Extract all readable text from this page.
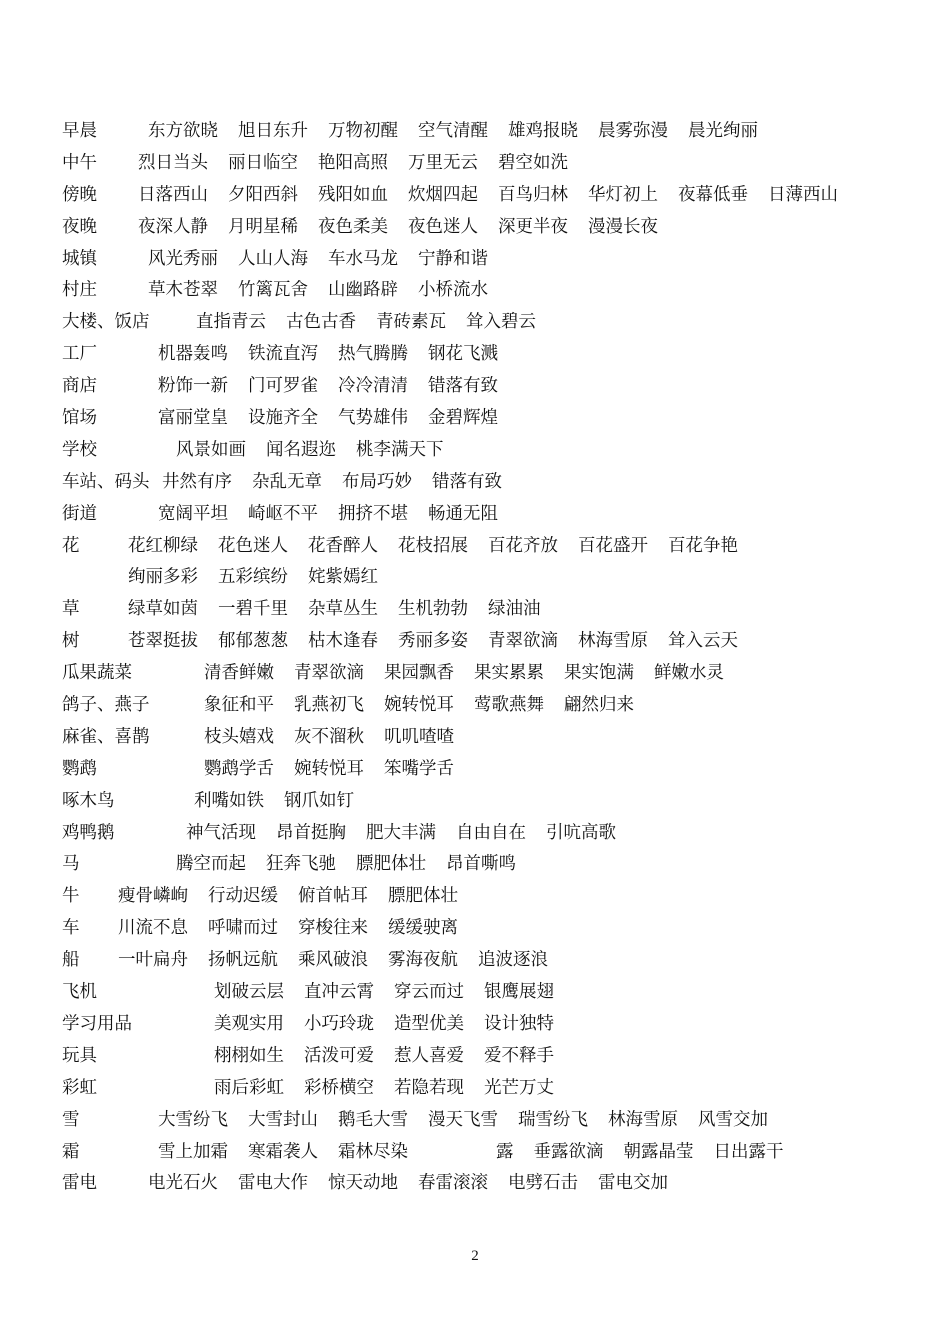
早晨	东方欲晓 旭日东升 万物初醒 空气清醒 雄鸡报晓 晨雾弥漫 晨光绚丽
中午 烈日当头 丽日临空 艳阳高照 万里无云 碧空如洗
傍晚 日落西山 夕阳西斜 残阳如血 炊烟四起 百鸟归林 华灯初上 夜幕低垂 日薄西山
夜晚 夜深人静 月明星稀 夜色柔美 夜色迷人 深更半夜 漫漫长夜
城镇	风光秀丽 人山人海 车水马龙 宁静和谐
村庄	草木苍翠 竹篱瓦舍 山幽路辟 小桥流水
大楼、饭店	直指青云 古色古香 青砖素瓦 耸入碧云
工厂	机器轰鸣 铁流直泻 热气腾腾 钢花飞溅
商店	粉饰一新 门可罗雀 冷冷清清 错落有致
馆场	富丽堂皇 设施齐全 气势雄伟 金碧辉煌
学校	风景如画 闻名遐迩 桃李满天下
车站、码头 井然有序 杂乱无章 布局巧妙 错落有致
街道	宽阔平坦 崎岖不平 拥挤不堪 畅通无阻
花	花红柳绿 花色迷人 花香醉人 花枝招展 百花齐放 百花盛开 百花争艳
绚丽多彩 五彩缤纷 姹紫嫣红
草	绿草如茵 一碧千里 杂草丛生 生机勃勃 绿油油
树	苍翠挺拔 郁郁葱葱 枯木逢春 秀丽多姿 青翠欲滴 林海雪原 耸入云天
瓜果蔬菜	清香鲜嫩 青翠欲滴 果园飘香 果实累累 果实饱满 鲜嫩水灵
鸽子、燕子	象征和平 乳燕初飞 婉转悦耳 莺歌燕舞 翩然归来
麻雀、喜鹊	枝头嬉戏 灰不溜秋 叽叽喳喳
鹦鹉	鹦鹉学舌 婉转悦耳 笨嘴学舌
啄木鸟	利嘴如铁 钢爪如钉
鸡鸭鹅	神气活现 昂首挺胸 肥大丰满 自由自在 引吭高歌
马	腾空而起 狂奔飞驰 膘肥体壮 昂首嘶鸣
牛 瘦骨嶙峋 行动迟缓 俯首帖耳 膘肥体壮
车 川流不息 呼啸而过 穿梭往来 缓缓驶离
船 一叶扁舟 扬帆远航 乘风破浪 雾海夜航 追波逐浪
飞机	划破云层 直冲云霄 穿云而过 银鹰展翅
学习用品	美观实用 小巧玲珑 造型优美 设计独特
玩具	栩栩如生 活泼可爱 惹人喜爱 爱不释手
彩虹	雨后彩虹 彩桥横空 若隐若现 光芒万丈
雪	大雪纷飞 大雪封山 鹅毛大雪 漫天飞雪 瑞雪纷飞 林海雪原 风雪交加
霜	雪上加霜 寒霜袭人 霜林尽染	露 垂露欲滴 朝露晶莹 日出露干
雷电	电光石火 雷电大作 惊天动地 春雷滚滚 电劈石击 雷电交加
2
